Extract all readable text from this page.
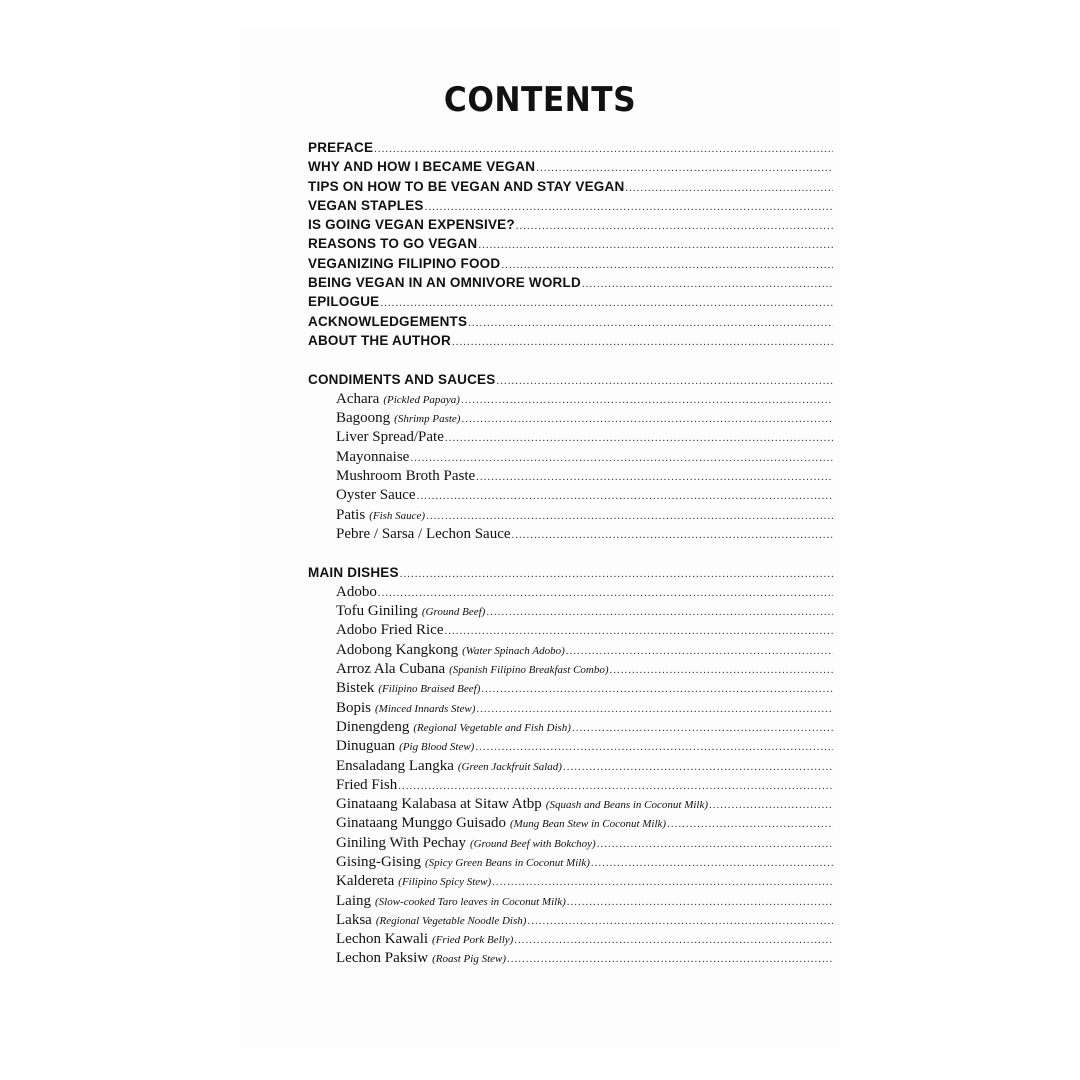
CONTENTS
PREFACE
.....
WHY AND HOW I BECAME VEGAN
.....
TIPS ON HOW TO BE VEGAN AND STAY VEGAN
.....
VEGAN STAPLES
.....
IS GOING VEGAN EXPENSIVE?
.....
REASONS TO GO VEGAN
.....
VEGANIZING FILIPINO FOOD
.....
BEING VEGAN IN AN OMNIVORE WORLD
.....
EPILOGUE
.....
ACKNOWLEDGEMENTS
.....
ABOUT THE AUTHOR
.....
CONDIMENTS AND SAUCES
.....
Achara (Pickled Papaya)
.....
Bagoong (Shrimp Paste)
.....
Liver Spread/Pate
.....
Mayonnaise
.....
Mushroom Broth Paste
.....
Oyster Sauce
.....
Patis (Fish Sauce)
.....
Pebre / Sarsa / Lechon Sauce
.....
MAIN DISHES
.....
Adobo
.....
Tofu Giniling (Ground Beef)
.....
Adobo Fried Rice
.....
Adobong Kangkong (Water Spinach Adobo)
.....
Arroz Ala Cubana (Spanish Filipino Breakfast Combo)
.....
Bistek (Filipino Braised Beef)
.....
Bopis (Minced Innards Stew)
.....
Dinengdeng (Regional Vegetable and Fish Dish)
.....
Dinuguan (Pig Blood Stew)
.....
Ensaladang Langka (Green Jackfruit Salad)
.....
Fried Fish
.....
Ginataang Kalabasa at Sitaw Atbp (Squash and Beans in Coconut Milk)
.....
Ginataang Munggo Guisado (Mung Bean Stew in Coconut Milk)
.....
Giniling With Pechay (Ground Beef with Bokchoy)
.....
Gising-Gising (Spicy Green Beans in Coconut Milk)
.....
Kaldereta (Filipino Spicy Stew)
.....
Laing (Slow-cooked Taro leaves in Coconut Milk)
.....
Laksa (Regional Vegetable Noodle Dish)
.....
Lechon Kawali (Fried Pork Belly)
.....
Lechon Paksiw (Roast Pig Stew)
.....
